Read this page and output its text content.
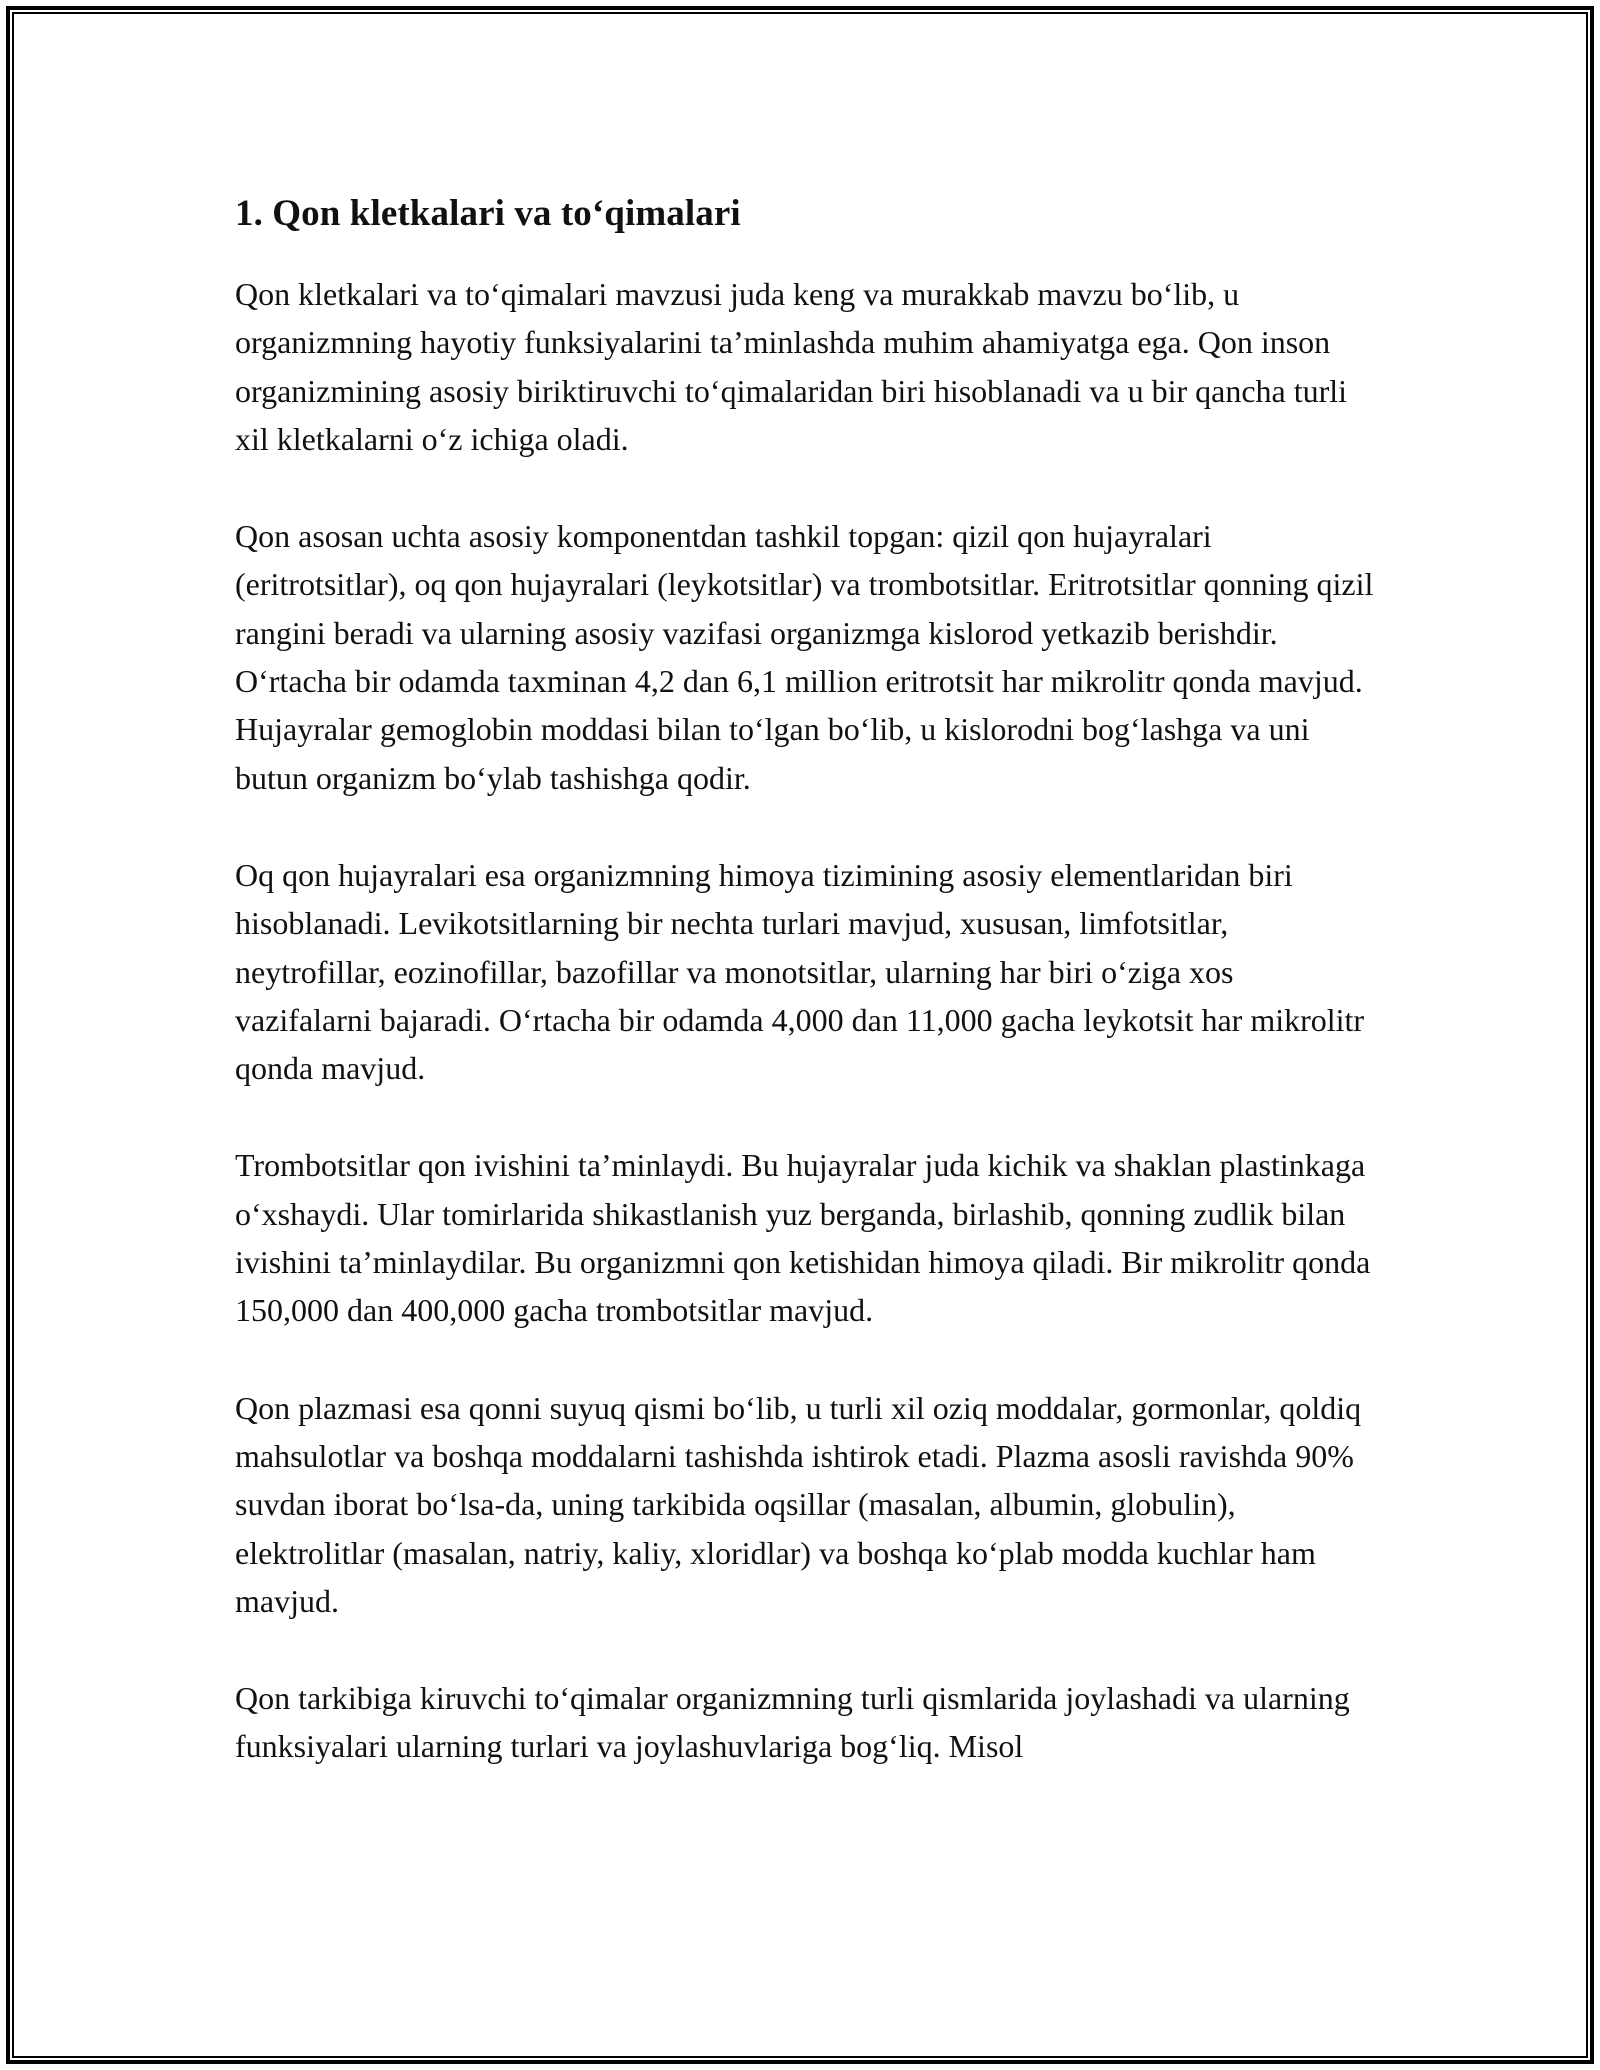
1. Qon kletkalari va to‘qimalari

Qon kletkalari va to‘qimalari mavzusi juda keng va murakkab mavzu bo‘lib, u organizmning hayotiy funksiyalarini ta’minlashda muhim ahamiyatga ega. Qon inson organizmining asosiy biriktiruvchi to‘qimalaridan biri hisoblanadi va u bir qancha turli xil kletkalarni o‘z ichiga oladi.

Qon asosan uchta asosiy komponentdan tashkil topgan: qizil qon hujayralari (eritrotsitlar), oq qon hujayralari (leykotsitlar) va trombotsitlar. Eritrotsitlar qonning qizil rangini beradi va ularning asosiy vazifasi organizmga kislorod yetkazib berishdir. O‘rtacha bir odamda taxminan 4,2 dan 6,1 million eritrotsit har mikrolitr qonda mavjud. Hujayralar gemoglobin moddasi bilan to‘lgan bo‘lib, u kislorodni bog‘lashga va uni butun organizm bo‘ylab tashishga qodir.

Oq qon hujayralari esa organizmning himoya tizimining asosiy elementlaridan biri hisoblanadi. Levikotsitlarning bir nechta turlari mavjud, xususan, limfotsitlar, neytrofillar, eozinofillar, bazofillar va monotsitlar, ularning har biri o‘ziga xos vazifalarni bajaradi. O‘rtacha bir odamda 4,000 dan 11,000 gacha leykotsit har mikrolitr qonda mavjud.

Trombotsitlar qon ivishini ta’minlaydi. Bu hujayralar juda kichik va shaklan plastinkaga o‘xshaydi. Ular tomirlarida shikastlanish yuz berganda, birlashib, qonning zudlik bilan ivishini ta’minlaydilar. Bu organizmni qon ketishidan himoya qiladi. Bir mikrolitr qonda 150,000 dan 400,000 gacha trombotsitlar mavjud.

Qon plazmasi esa qonni suyuq qismi bo‘lib, u turli xil oziq moddalar, gormonlar, qoldiq mahsulotlar va boshqa moddalarni tashishda ishtirok etadi. Plazma asosli ravishda 90% suvdan iborat bo‘lsa-da, uning tarkibida oqsillar (masalan, albumin, globulin), elektrolitlar (masalan, natriy, kaliy, xloridlar) va boshqa ko‘plab modda kuchlar ham mavjud.

Qon tarkibiga kiruvchi to‘qimalar organizmning turli qismlarida joylashadi va ularning funksiyalari ularning turlari va joylashuvlariga bog‘liq. Misol
